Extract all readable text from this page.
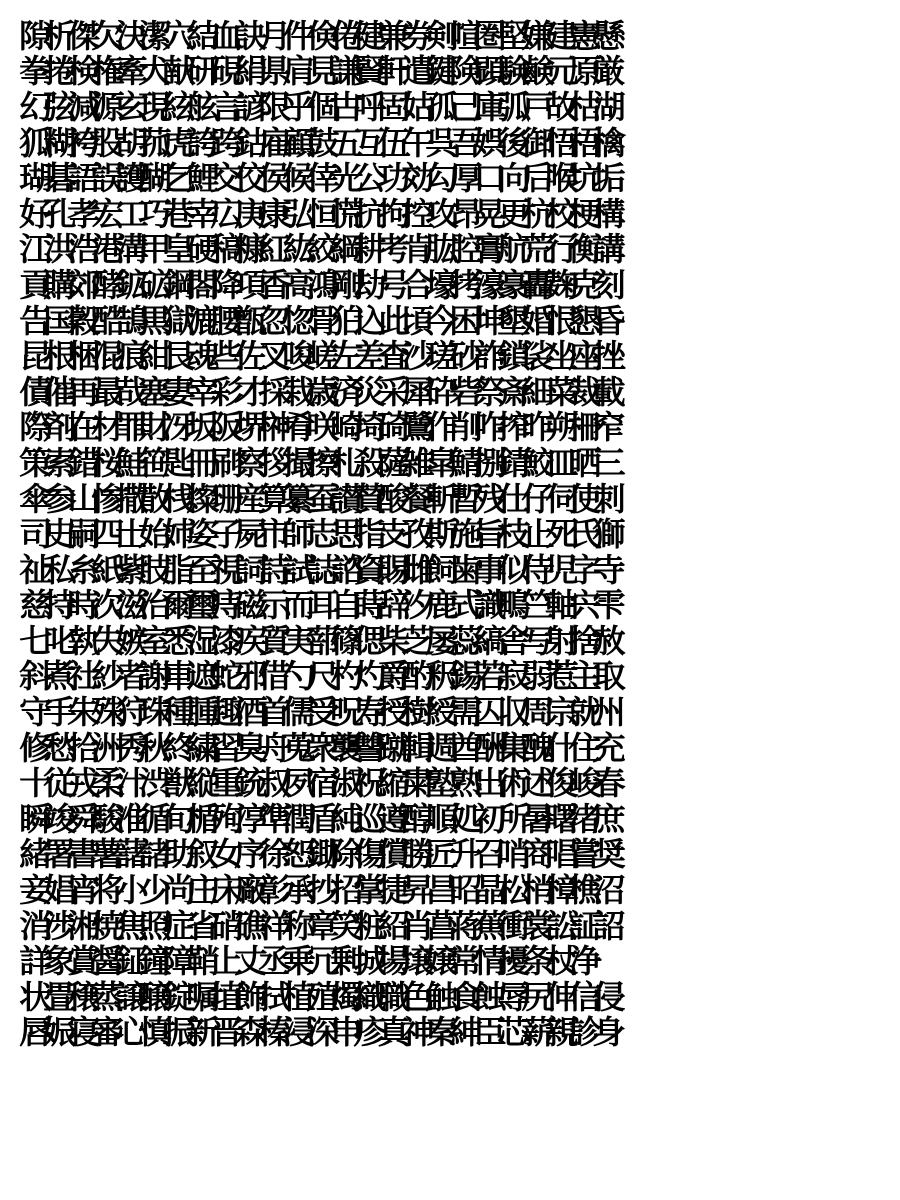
隙
析
傑
欠
決
潔
穴
結
血
訣
月
件
倹
倦
健
兼
券
剣
喧
圏
堅
嫌
建
憲
懸
拳
捲
検
権
牽
犬
献
研
硯
絹
県
肩
見
謙
賢
軒
遣
鍵
険
顕
験
鹸
元
原
厳
幻
弦
減
源
玄
現
絃
舷
言
諺
限
乎
個
古
呼
固
姑
孤
己
庫
弧
戸
故
枯
湖
狐
糊
袴
股
胡
菰
虎
誇
跨
鈷
雇
顧
鼓
五
互
伍
午
呉
吾
娯
後
御
悟
梧
檎
瑚
碁
語
誤
護
醐
乞
鯉
交
佼
侯
候
倖
光
公
功
効
勾
厚
口
向
后
喉
坑
垢
好
孔
孝
宏
工
巧
巷
幸
広
庚
康
弘
恒
慌
抗
拘
控
攻
昂
晃
更
杭
校
梗
構
江
洪
浩
港
溝
甲
皇
硬
稿
糠
紅
紘
絞
綱
耕
考
肯
肱
腔
膏
航
荒
行
衡
講
貢
購
郊
酵
鉱
砿
鋼
閤
降
項
香
高
鴻
剛
劫
号
合
壕
拷
濠
豪
轟
麹
克
刻
告
国
穀
酷
鵠
黒
獄
漉
腰
甑
忽
惚
骨
狛
込
此
頃
今
困
坤
墾
婚
恨
懇
昏
昆
根
梱
混
痕
紺
艮
魂
些
佐
叉
唆
嵯
左
差
査
沙
瑳
砂
詐
鎖
裟
坐
座
挫
債
催
再
最
哉
塞
妻
宰
彩
才
採
栽
歳
済
災
采
犀
砕
砦
祭
斎
細
菜
裁
載
際
剤
在
材
罪
財
冴
坂
阪
堺
榊
肴
咲
崎
埼
碕
鷺
作
削
咋
搾
昨
朔
柵
窄
策
索
錯
桜
鮭
笹
匙
冊
刷
察
拶
撮
擦
札
殺
薩
雑
皐
鯖
捌
錆
鮫
皿
晒
三
傘
参
山
惨
撒
散
桟
燦
珊
産
算
纂
蚕
讃
賛
酸
餐
斬
暫
残
仕
仔
伺
使
刺
司
史
嗣
四
士
始
姉
姿
子
屍
市
師
志
思
指
支
孜
斯
施
旨
枝
止
死
氏
獅
祉
私
糸
紙
紫
肢
脂
至
視
詞
詩
試
誌
諮
資
賜
雌
飼
歯
事
似
侍
児
字
寺
慈
持
時
次
滋
治
爾
璽
痔
磁
示
而
耳
自
蒔
辞
汐
鹿
式
識
鴫
竺
軸
宍
雫
七
叱
執
失
嫉
室
悉
湿
漆
疾
質
実
蔀
篠
偲
柴
芝
屡
蕊
縞
舎
写
射
捨
赦
斜
煮
社
紗
者
謝
車
遮
蛇
邪
借
勺
尺
杓
灼
爵
酌
釈
錫
若
寂
弱
惹
主
取
守
手
朱
殊
狩
珠
種
腫
趣
酒
首
儒
受
呪
寿
授
樹
綬
需
囚
収
周
宗
就
州
修
愁
拾
洲
秀
秋
終
繍
習
臭
舟
蒐
衆
襲
讐
蹴
輯
週
酋
酬
集
醜
什
住
充
十
従
戎
柔
汁
渋
獣
縦
重
銃
叔
夙
宿
淑
祝
縮
粛
塾
熟
出
術
述
俊
峻
春
瞬
竣
舜
駿
准
循
旬
楯
殉
淳
準
潤
盾
純
巡
遵
醇
順
処
初
所
暑
曙
渚
庶
緒
署
書
薯
藷
諸
助
叙
女
序
徐
恕
鋤
除
傷
償
勝
匠
升
召
哨
商
唱
嘗
奨
妾
娼
宵
将
小
少
尚
庄
床
廠
彰
承
抄
招
掌
捷
昇
昌
昭
晶
松
梢
樟
樵
沼
消
渉
湘
焼
焦
照
症
省
硝
礁
祥
称
章
笑
粧
紹
肖
菖
蒋
蕉
衝
裳
訟
証
詔
詳
象
賞
醤
鉦
鐘
障
鞘
上
丈
丞
乗
冗
剰
城
場
壌
嬢
常
情
擾
条
杖
浄
状
畳
穣
蒸
譲
醸
錠
嘱
埴
飾
拭
植
殖
燭
織
職
色
触
食
蝕
辱
尻
伸
信
侵
唇
娠
寝
審
心
慎
振
新
晋
森
榛
浸
深
申
疹
真
神
秦
紳
臣
芯
薪
親
診
身
